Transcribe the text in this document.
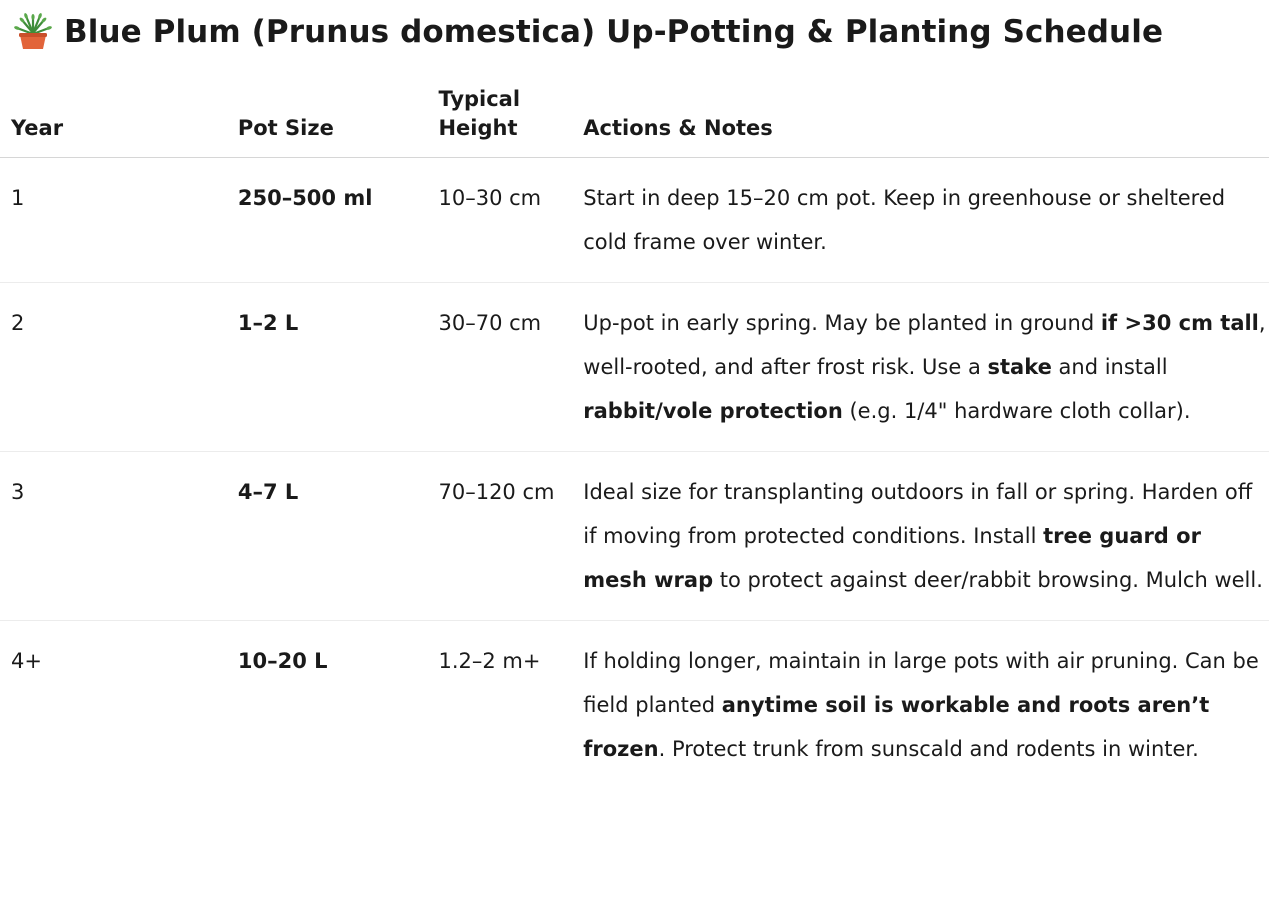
Blue Plum (Prunus domestica) Up-Potting & Planting Schedule
Year	Pot Size	Typical Height	Actions & Notes
1	250–500 ml	10–30 cm	Start in deep 15–20 cm pot. Keep in greenhouse or sheltered cold frame over winter.
2	1–2 L	30–70 cm	Up-pot in early spring. May be planted in ground if >30 cm tall, well-rooted, and after frost risk. Use a stake and install rabbit/vole protection (e.g. 1/4" hardware cloth collar).
3	4–7 L	70–120 cm	Ideal size for transplanting outdoors in fall or spring. Harden off if moving from protected conditions. Install tree guard or mesh wrap to protect against deer/rabbit browsing. Mulch well.
4+	10–20 L	1.2–2 m+	If holding longer, maintain in large pots with air pruning. Can be field planted anytime soil is workable and roots aren’t frozen. Protect trunk from sunscald and rodents in winter.
